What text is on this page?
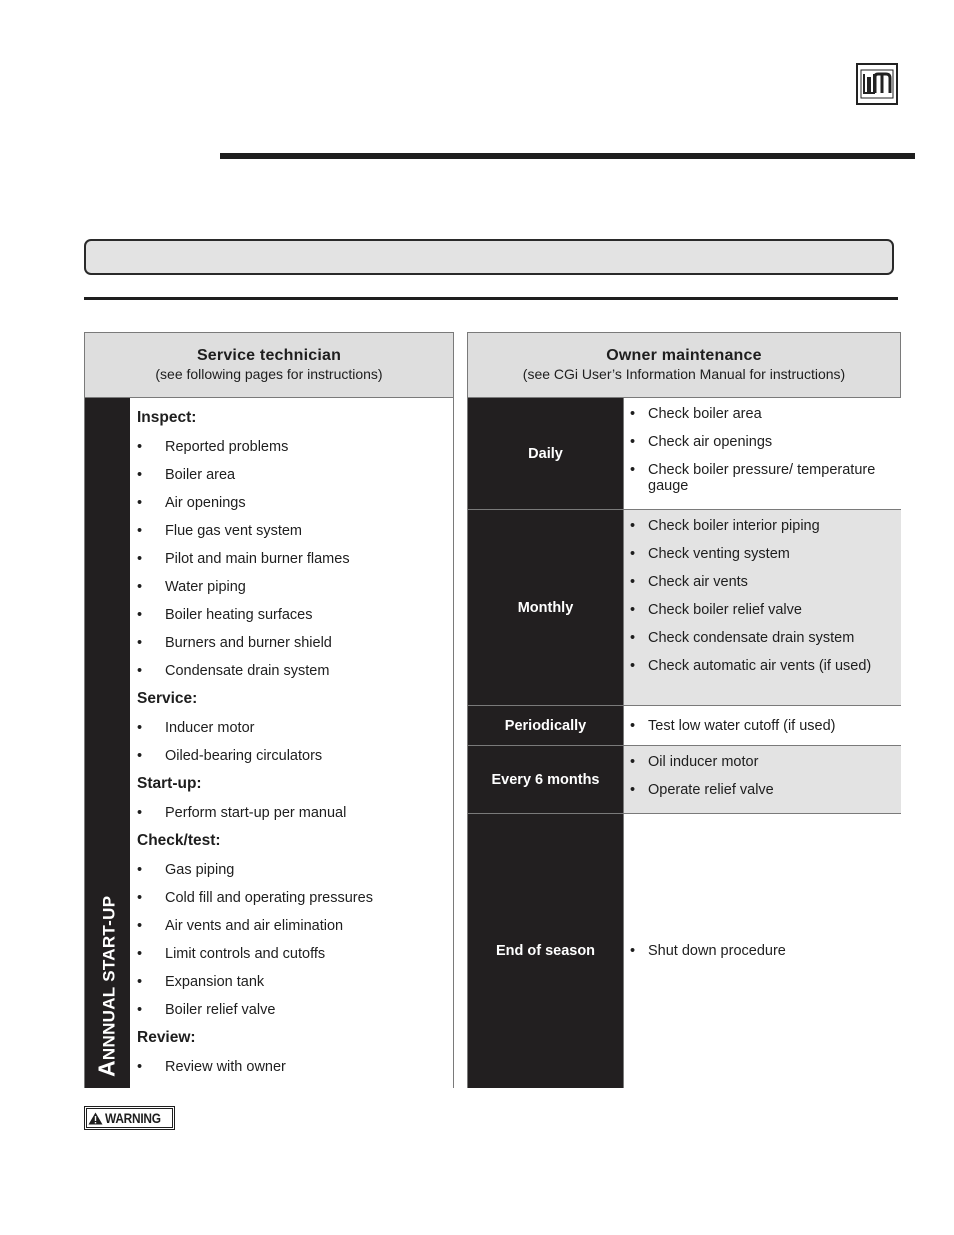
Service technician
(see following pages for instructions)
ANNNUAL START-UP
Inspect:
• Reported problems
• Boiler area
• Air openings
• Flue gas vent system
• Pilot and main burner flames
• Water piping
• Boiler heating surfaces
• Burners and burner shield
• Condensate drain system
Service:
• Inducer motor
• Oiled-bearing circulators
Start-up:
• Perform start-up per manual
Check/test:
• Gas piping
• Cold fill and operating pressures
• Air vents and air elimination
• Limit controls and cutoffs
• Expansion tank
• Boiler relief valve
Review:
• Review with owner
Owner maintenance
(see CGi User’s Information Manual for instructions)
Daily
• Check boiler area
• Check air openings
• Check boiler pressure/ temperature gauge
Monthly
• Check boiler interior piping
• Check venting system
• Check air vents
• Check boiler relief valve
• Check condensate drain system
• Check automatic air vents (if used)
Periodically	• Test low water cutoff (if used)
Every 6 months
• Oil inducer motor
• Operate relief valve
End of season	• Shut down procedure
WARNING
